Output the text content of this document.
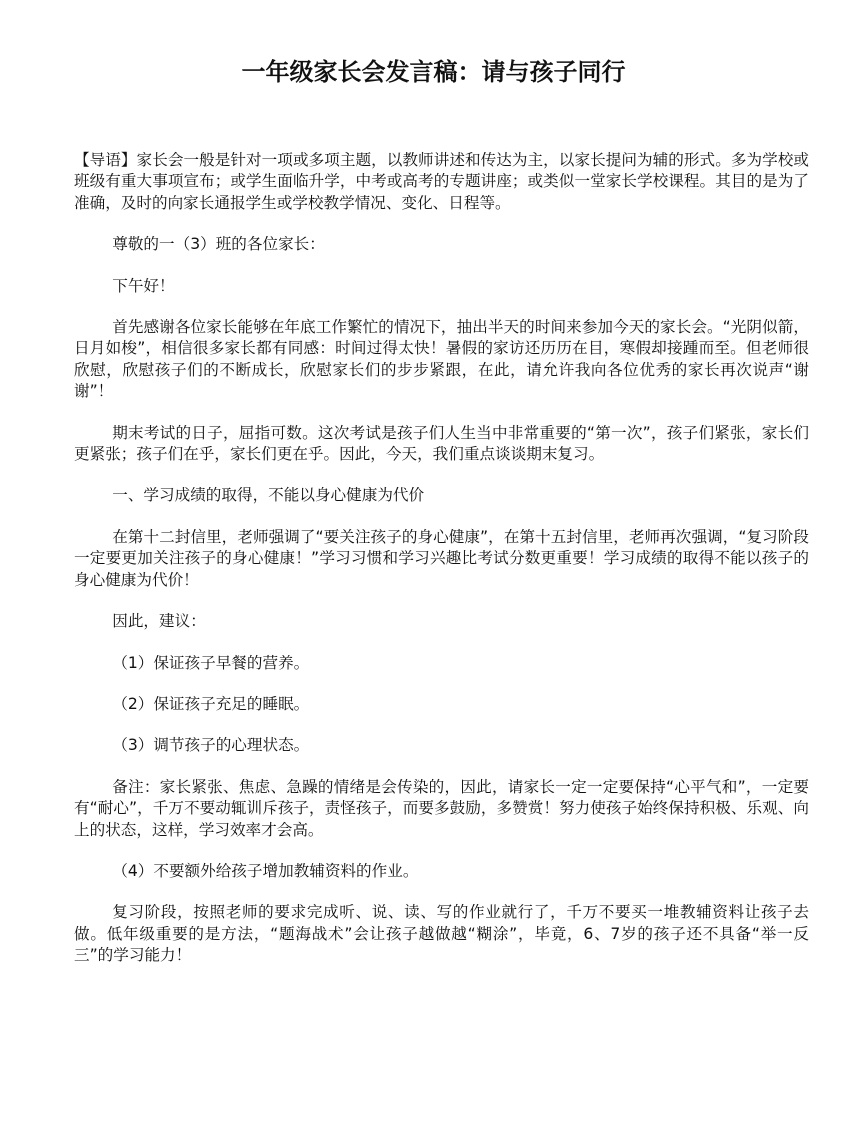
一年级家长会发言稿：请与孩子同行

【导语】家长会一般是针对一项或多项主题，以教师讲述和传达为主，以家长提问为辅的形式。多为学校或班级有重大事项宣布；或学生面临升学，中考或高考的专题讲座；或类似一堂家长学校课程。其目的是为了准确，及时的向家长通报学生或学校教学情况、变化、日程等。

尊敬的一（3）班的各位家长：

下午好！

首先感谢各位家长能够在年底工作繁忙的情况下，抽出半天的时间来参加今天的家长会。“光阴似箭，日月如梭”，相信很多家长都有同感：时间过得太快！暑假的家访还历历在目，寒假却接踵而至。但老师很欣慰，欣慰孩子们的不断成长，欣慰家长们的步步紧跟，在此，请允许我向各位优秀的家长再次说声“谢谢”！

期末考试的日子，屈指可数。这次考试是孩子们人生当中非常重要的“第一次”，孩子们紧张，家长们更紧张；孩子们在乎，家长们更在乎。因此，今天，我们重点谈谈期末复习。

一、学习成绩的取得，不能以身心健康为代价

在第十二封信里，老师强调了“要关注孩子的身心健康”，在第十五封信里，老师再次强调，“复习阶段一定要更加关注孩子的身心健康！”学习习惯和学习兴趣比考试分数更重要！学习成绩的取得不能以孩子的身心健康为代价！

因此，建议：

（1）保证孩子早餐的营养。

（2）保证孩子充足的睡眠。

（3）调节孩子的心理状态。

备注：家长紧张、焦虑、急躁的情绪是会传染的，因此，请家长一定一定要保持“心平气和”，一定要有“耐心”，千万不要动辄训斥孩子，责怪孩子，而要多鼓励，多赞赏！努力使孩子始终保持积极、乐观、向上的状态，这样，学习效率才会高。

（4）不要额外给孩子增加教辅资料的作业。

复习阶段，按照老师的要求完成听、说、读、写的作业就行了，千万不要买一堆教辅资料让孩子去做。低年级重要的是方法，“题海战术”会让孩子越做越“糊涂”，毕竟，6、7岁的孩子还不具备“举一反三”的学习能力！
